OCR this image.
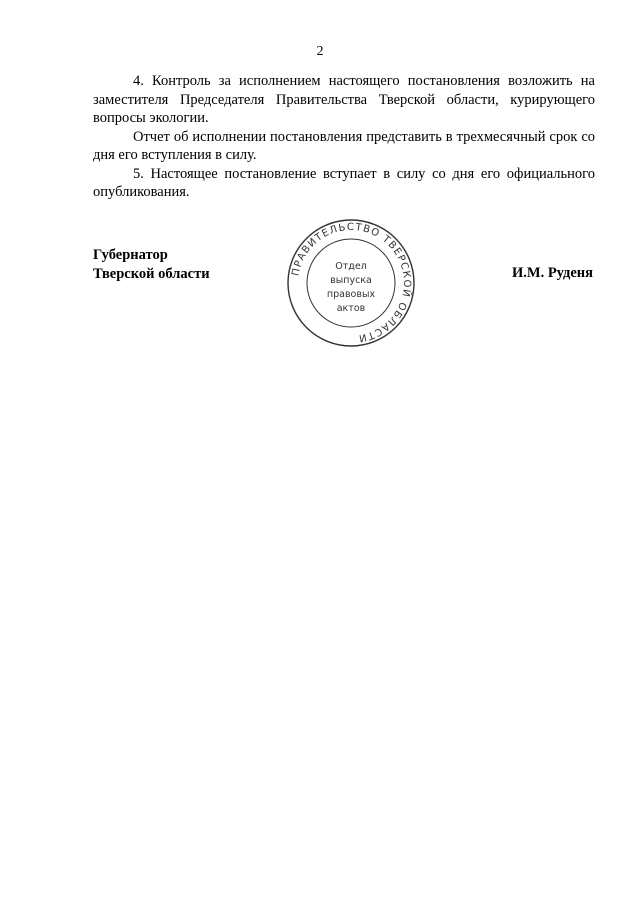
2

4. Контроль за исполнением настоящего постановления возложить на заместителя Председателя Правительства Тверской области, курирующего вопросы экологии.

Отчет об исполнении постановления представить в трехмесячный срок со дня его вступления в силу.

5. Настоящее постановление вступает в силу со дня его официального опубликования.

Губернатор
Тверской области	И.М. Руденя
ПРАВИТЕЛЬСТВО ТВЕРСКОЙ ОБЛАСТИ
Отдел
выпуска
правовых
актов
